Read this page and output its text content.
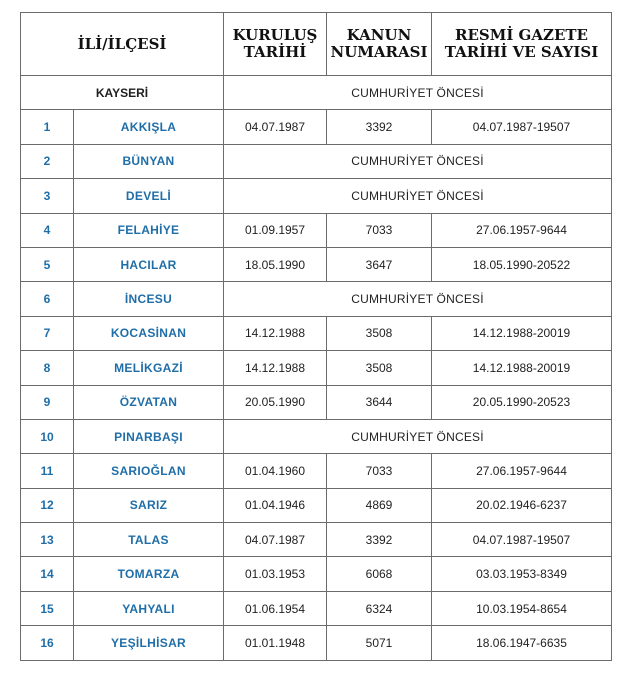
İLİ/İLÇESİ		KURULUŞ TARİHİ	KANUN NUMARASI	RESMİ GAZETE TARİHİ VE SAYISI
KAYSERİ		CUMHURİYET ÖNCESİ		
1	AKKIŞLA	04.07.1987	3392	04.07.1987-19507
2	BÜNYAN	CUMHURİYET ÖNCESİ		
3	DEVELİ	CUMHURİYET ÖNCESİ		
4	FELAHİYE	01.09.1957	7033	27.06.1957-9644
5	HACILAR	18.05.1990	3647	18.05.1990-20522
6	İNCESU	CUMHURİYET ÖNCESİ		
7	KOCASİNAN	14.12.1988	3508	14.12.1988-20019
8	MELİKGAZİ	14.12.1988	3508	14.12.1988-20019
9	ÖZVATAN	20.05.1990	3644	20.05.1990-20523
10	PINARBAŞI	CUMHURİYET ÖNCESİ		
11	SARIOĞLAN	01.04.1960	7033	27.06.1957-9644
12	SARIZ	01.04.1946	4869	20.02.1946-6237
13	TALAS	04.07.1987	3392	04.07.1987-19507
14	TOMARZA	01.03.1953	6068	03.03.1953-8349
15	YAHYALI	01.06.1954	6324	10.03.1954-8654
16	YEŞİLHİSAR	01.01.1948	5071	18.06.1947-6635
